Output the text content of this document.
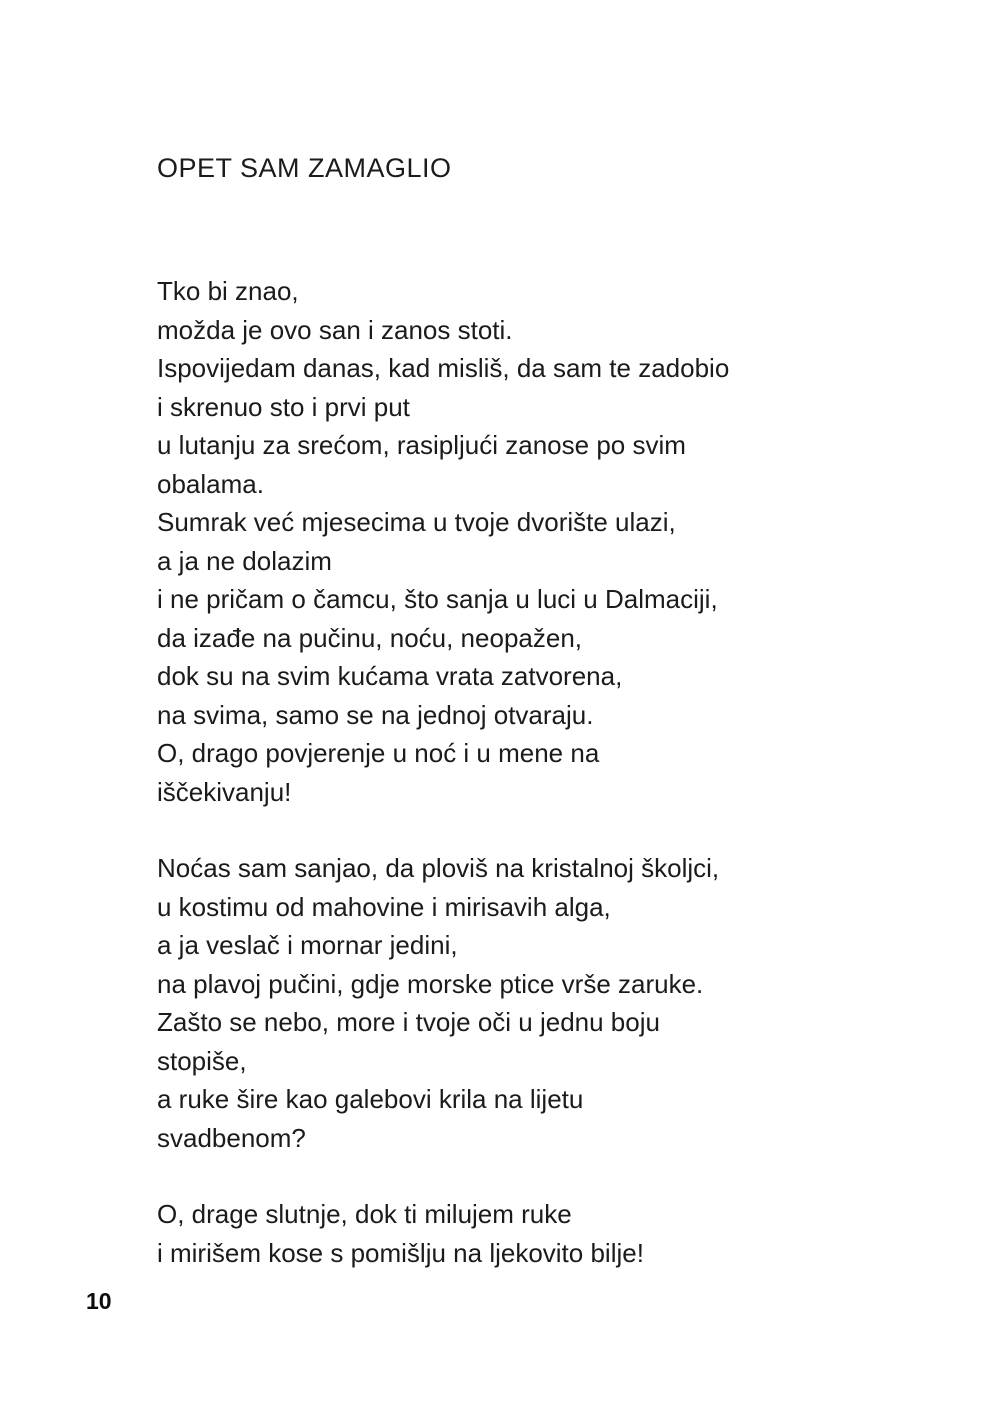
OPET SAM ZAMAGLIO
Tko bi znao,
možda je ovo san i zanos stoti.
Ispovijedam danas, kad misliš, da sam te zadobio
i skrenuo sto i prvi put
u lutanju za srećom, rasipljući zanose po svim
obalama.
Sumrak već mjesecima u tvoje dvorište ulazi,
a ja ne dolazim
i ne pričam o čamcu, što sanja u luci u Dalmaciji,
da izađe na pučinu, noću, neopažen,
dok su na svim kućama vrata zatvorena,
na svima, samo se na jednoj otvaraju.
O, drago povjerenje u noć i u mene na
iščekivanju!
Noćas sam sanjao, da ploviš na kristalnoj školjci,
u kostimu od mahovine i mirisavih alga,
a ja veslač i mornar jedini,
na plavoj pučini, gdje morske ptice vrše zaruke.
Zašto se nebo, more i tvoje oči u jednu boju
stopiše,
a ruke šire kao galebovi krila na lijetu
svadbenom?
O, drage slutnje, dok ti milujem ruke
i mirišem kose s pomišlju na ljekovito bilje!
10
